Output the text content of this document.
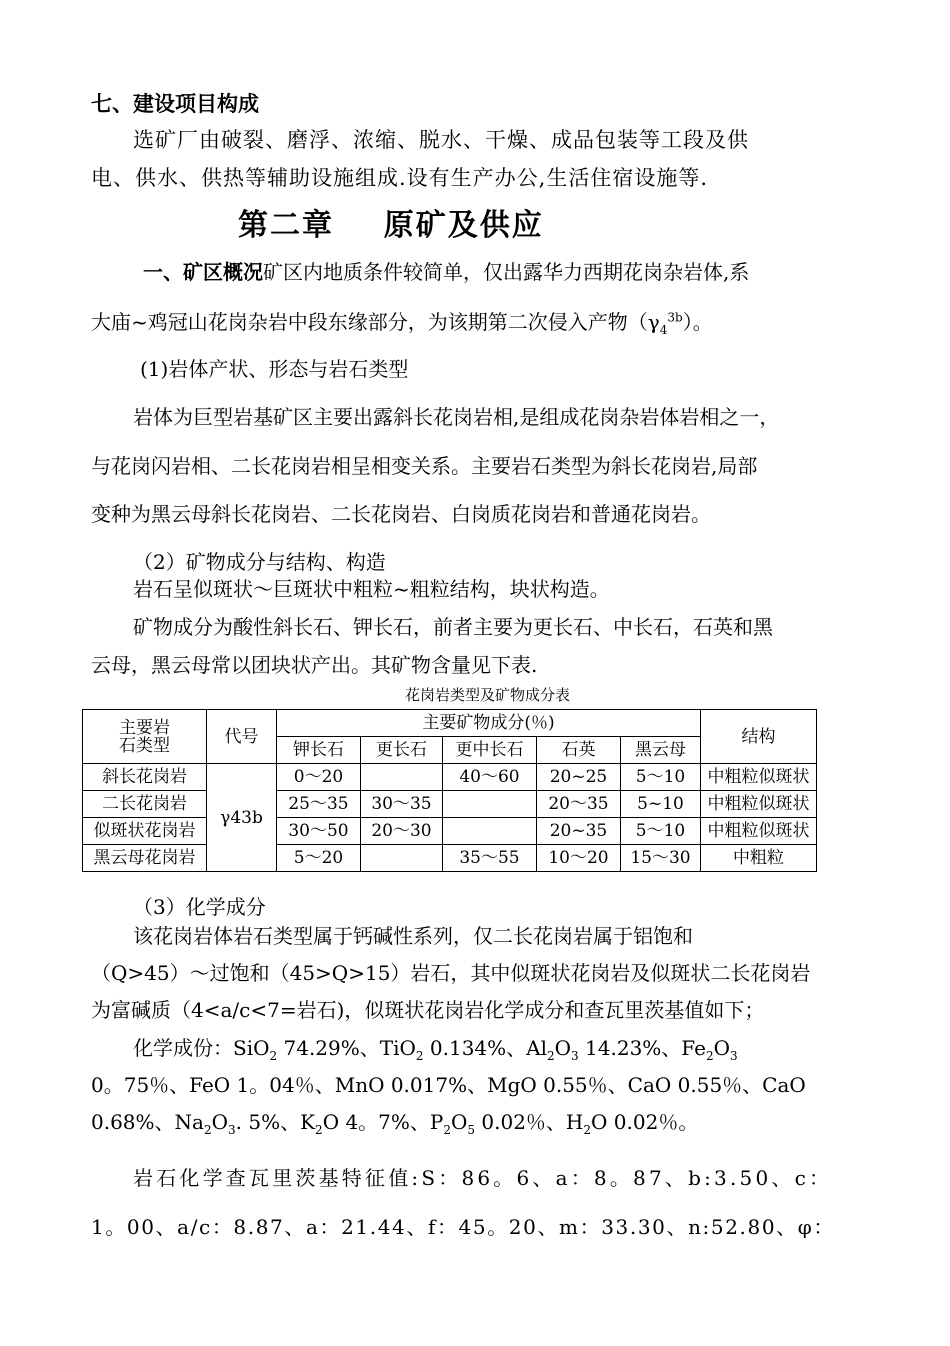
七、建设项目构成
选矿厂由破裂、磨浮、浓缩、脱水、干燥、成品包装等工段及供
电、供水、供热等辅助设施组成.设有生产办公,生活住宿设施等.
第二章    原矿及供应
一、矿区概况矿区内地质条件较简单，仅出露华力西期花岗杂岩体,系
大庙~鸡冠山花岗杂岩中段东缘部分，为该期第二次侵入产物$(\gamma_4^{3b})$。
(1)岩体产状、形态与岩石类型
岩体为巨型岩基矿区主要出露斜长花岗岩相,是组成花岗杂岩体岩相之一，
与花岗闪岩相、二长花岗岩相呈相变关系。主要岩石类型为斜长花岗岩,局部
变种为黑云母斜长花岗岩、二长花岗岩、白岗质花岗岩和普通花岗岩。
（2）矿物成分与结构、构造
岩石呈似斑状～巨斑状中粗粒~粗粒结构，块状构造。
矿物成分为酸性斜长石、钾长石，前者主要为更长石、中长石，石英和黑
云母，黑云母常以团块状产出。其矿物含量见下表.
花岗岩类型及矿物成分表
主要岩
石类型	代号	主要矿物成分(％)					结构
		钾长石	更长石	更中长石	石英	黑云母	

斜长花岗岩	γ43b	0～20		40～60	20~25	5～10	中粗粒似斑状

二长花岗岩		25～35	30～35		20～35	5~10	中粗粒似斑状

似斑状花岗岩		30～50	20～30		20~35	5～10	中粗粒似斑状

黑云母花岗岩		5～20		35～55	10～20	15～30	中粗粒
（3）化学成分
该花岗岩体岩石类型属于钙碱性系列，仅二长花岗岩属于铝饱和
（Q>45）～过饱和（45>Q>15）岩石，其中似斑状花岗岩及似斑状二长花岗岩
为富碱质（4<a/c<7=岩石)，似斑状花岗岩化学成分和查瓦里茨基值如下；
化学成份：SiO$_2$ 74.29%、TiO$_2$ 0.134%、$Al_2O_3$ 14.23%、$Fe_2O_3$
0。75％、FeO 1。04％、MnO 0.017%、MgO 0.55％、CaO 0.55％、CaO
0.68%、$Na_2O_3$. 5%、$K_2O$ 4。7%、$P_2O_5$ 0.02％、$H_2O$ 0.02％。
岩石化学查瓦里茨基特征值:S：86。6、a：8。87、b:3.50、c：
1。00、a/c：8.87、a：21.44、f：45。20、m：33.30、n:52.80、φ：
